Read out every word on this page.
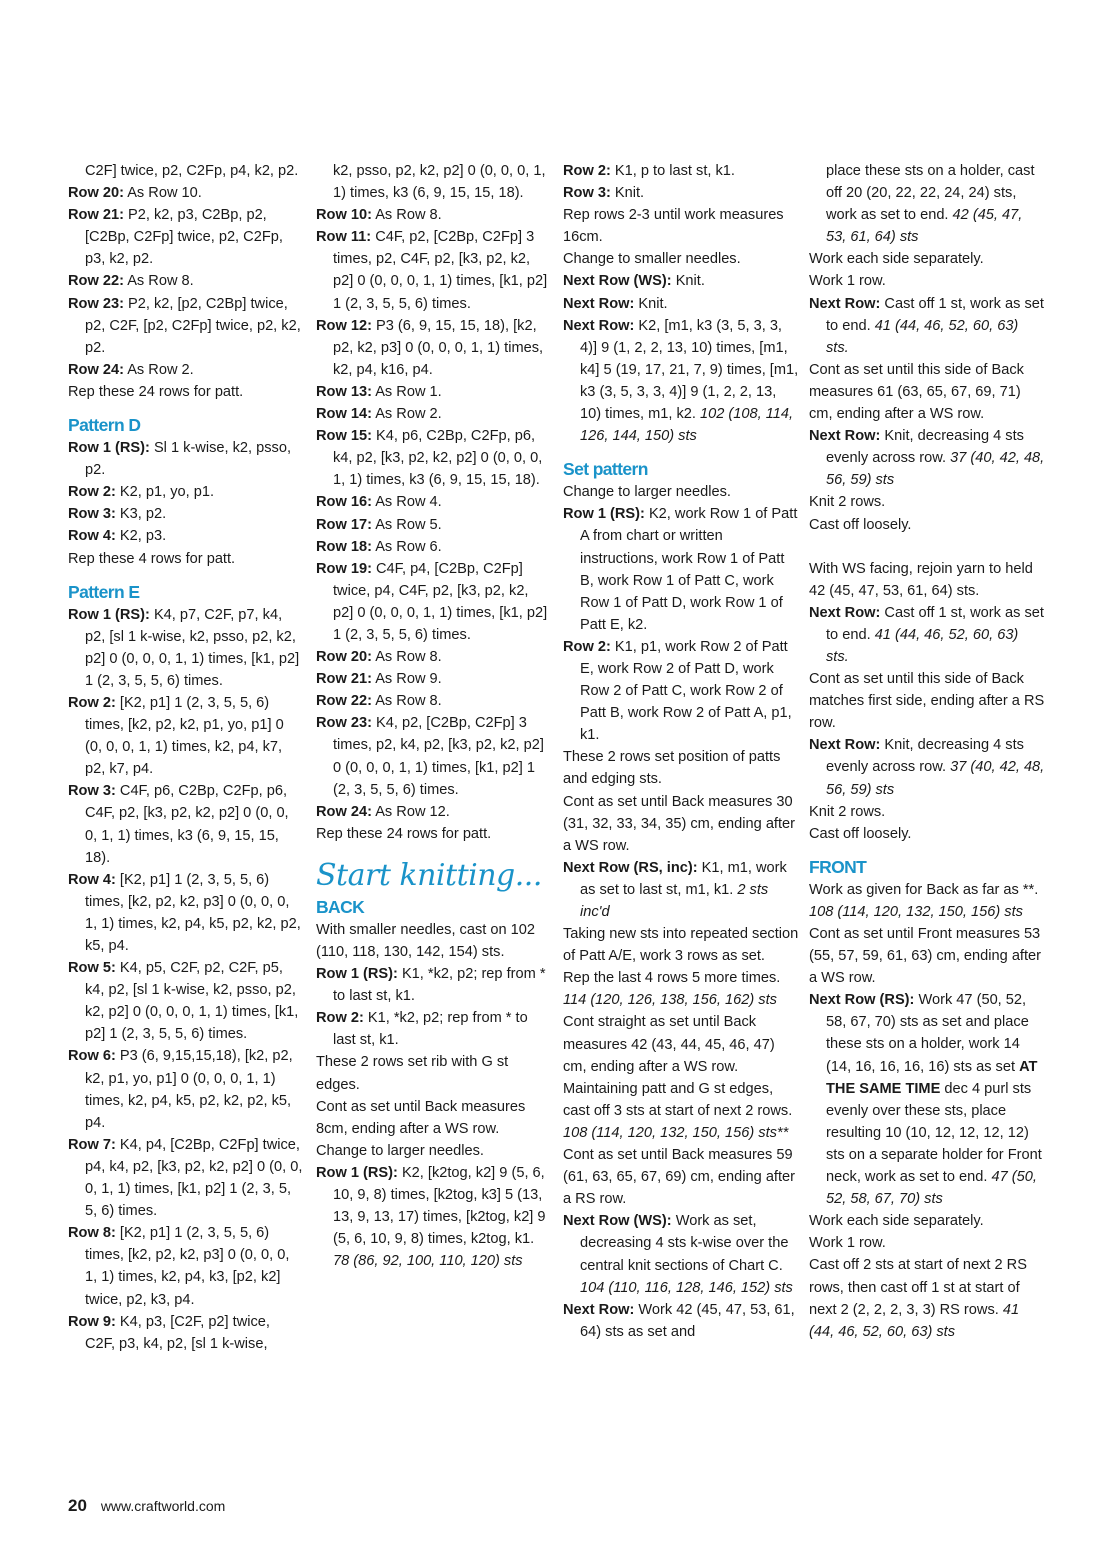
C2F] twice, p2, C2Fp, p4, k2, p2.

Row 20: As Row 10.

Row 21: P2, k2, p3, C2Bp, p2, [C2Bp, C2Fp] twice, p2, C2Fp, p3, k2, p2.

Row 22: As Row 8.

Row 23: P2, k2, [p2, C2Bp] twice, p2, C2F, [p2, C2Fp] twice, p2, k2, p2.

Row 24: As Row 2.

Rep these 24 rows for patt.

Pattern D

Row 1 (RS): Sl 1 k-wise, k2, psso, p2.

Row 2: K2, p1, yo, p1.

Row 3: K3, p2.

Row 4: K2, p3.

Rep these 4 rows for patt.

Pattern E

Row 1 (RS): K4, p7, C2F, p7, k4, p2, [sl 1 k-wise, k2, psso, p2, k2, p2] 0 (0, 0, 0, 1, 1) times, [k1, p2] 1 (2, 3, 5, 5, 6) times.

Row 2: [K2, p1] 1 (2, 3, 5, 5, 6) times, [k2, p2, k2, p1, yo, p1] 0 (0, 0, 0, 1, 1) times, k2, p4, k7, p2, k7, p4.

Row 3: C4F, p6, C2Bp, C2Fp, p6, C4F, p2, [k3, p2, k2, p2] 0 (0, 0, 0, 1, 1) times, k3 (6, 9, 15, 15, 18).

Row 4: [K2, p1] 1 (2, 3, 5, 5, 6) times, [k2, p2, k2, p3] 0 (0, 0, 0, 1, 1) times, k2, p4, k5, p2, k2, p2, k5, p4.

Row 5: K4, p5, C2F, p2, C2F, p5, k4, p2, [sl 1 k-wise, k2, psso, p2, k2, p2] 0 (0, 0, 0, 1, 1) times, [k1, p2] 1 (2, 3, 5, 5, 6) times.

Row 6: P3 (6, 9,15,15,18), [k2, p2, k2, p1, yo, p1] 0 (0, 0, 0, 1, 1) times, k2, p4, k5, p2, k2, p2, k5, p4.

Row 7: K4, p4, [C2Bp, C2Fp] twice, p4, k4, p2, [k3, p2, k2, p2] 0 (0, 0, 0, 1, 1) times, [k1, p2] 1 (2, 3, 5, 5, 6) times.

Row 8: [K2, p1] 1 (2, 3, 5, 5, 6) times, [k2, p2, k2, p3] 0 (0, 0, 0, 1, 1) times, k2, p4, k3, [p2, k2] twice, p2, k3, p4.

Row 9: K4, p3, [C2F, p2] twice, C2F, p3, k4, p2, [sl 1 k-wise,

k2, psso, p2, k2, p2] 0 (0, 0, 0, 1, 1) times, k3 (6, 9, 15, 15, 18).

Row 10: As Row 8.

Row 11: C4F, p2, [C2Bp, C2Fp] 3 times, p2, C4F, p2, [k3, p2, k2, p2] 0 (0, 0, 0, 1, 1) times, [k1, p2] 1 (2, 3, 5, 5, 6) times.

Row 12: P3 (6, 9, 15, 15, 18), [k2, p2, k2, p3] 0 (0, 0, 0, 1, 1) times, k2, p4, k16, p4.

Row 13: As Row 1.

Row 14: As Row 2.

Row 15: K4, p6, C2Bp, C2Fp, p6, k4, p2, [k3, p2, k2, p2] 0 (0, 0, 0, 1, 1) times, k3 (6, 9, 15, 15, 18).

Row 16: As Row 4.

Row 17: As Row 5.

Row 18: As Row 6.

Row 19: C4F, p4, [C2Bp, C2Fp] twice, p4, C4F, p2, [k3, p2, k2, p2] 0 (0, 0, 0, 1, 1) times, [k1, p2] 1 (2, 3, 5, 5, 6) times.

Row 20: As Row 8.

Row 21: As Row 9.

Row 22: As Row 8.

Row 23: K4, p2, [C2Bp, C2Fp] 3 times, p2, k4, p2, [k3, p2, k2, p2] 0 (0, 0, 0, 1, 1) times, [k1, p2] 1 (2, 3, 5, 5, 6) times.

Row 24: As Row 12.

Rep these 24 rows for patt.

Start knitting...
BACK

With smaller needles, cast on 102 (110, 118, 130, 142, 154) sts.

Row 1 (RS): K1, *k2, p2; rep from * to last st, k1.

Row 2: K1, *k2, p2; rep from * to last st, k1.

These 2 rows set rib with G st edges.

Cont as set until Back measures 8cm, ending after a WS row.

Change to larger needles.

Row 1 (RS): K2, [k2tog, k2] 9 (5, 6, 10, 9, 8) times, [k2tog, k3] 5 (13, 13, 9, 13, 17) times, [k2tog, k2] 9 (5, 6, 10, 9, 8) times, k2tog, k1. 78 (86, 92, 100, 110, 120) sts

Row 2: K1, p to last st, k1.

Row 3: Knit.

Rep rows 2-3 until work measures 16cm.

Change to smaller needles.

Next Row (WS): Knit.

Next Row: Knit.

Next Row: K2, [m1, k3 (3, 5, 3, 3, 4)] 9 (1, 2, 2, 13, 10) times, [m1, k4] 5 (19, 17, 21, 7, 9) times, [m1, k3 (3, 5, 3, 3, 4)] 9 (1, 2, 2, 13, 10) times, m1, k2. 102 (108, 114, 126, 144, 150) sts

Set pattern

Change to larger needles.

Row 1 (RS): K2, work Row 1 of Patt A from chart or written instructions, work Row 1 of Patt B, work Row 1 of Patt C, work Row 1 of Patt D, work Row 1 of Patt E, k2.

Row 2: K1, p1, work Row 2 of Patt E, work Row 2 of Patt D, work Row 2 of Patt C, work Row 2 of Patt B, work Row 2 of Patt A, p1, k1.

These 2 rows set position of patts and edging sts.

Cont as set until Back measures 30 (31, 32, 33, 34, 35) cm, ending after a WS row.

Next Row (RS, inc): K1, m1, work as set to last st, m1, k1. 2 sts inc'd

Taking new sts into repeated section of Patt A/E, work 3 rows as set.

Rep the last 4 rows 5 more times. 114 (120, 126, 138, 156, 162) sts

Cont straight as set until Back measures 42 (43, 44, 45, 46, 47) cm, ending after a WS row.

Maintaining patt and G st edges, cast off 3 sts at start of next 2 rows. 108 (114, 120, 132, 150, 156) sts**

Cont as set until Back measures 59 (61, 63, 65, 67, 69) cm, ending after a RS row.

Next Row (WS): Work as set, decreasing 4 sts k-wise over the central knit sections of Chart C. 104 (110, 116, 128, 146, 152) sts

Next Row: Work 42 (45, 47, 53, 61, 64) sts as set and

place these sts on a holder, cast off 20 (20, 22, 22, 24, 24) sts, work as set to end. 42 (45, 47, 53, 61, 64) sts

Work each side separately.

Work 1 row.

Next Row: Cast off 1 st, work as set to end. 41 (44, 46, 52, 60, 63) sts.

Cont as set until this side of Back measures 61 (63, 65, 67, 69, 71) cm, ending after a WS row.

Next Row: Knit, decreasing 4 sts evenly across row. 37 (40, 42, 48, 56, 59) sts

Knit 2 rows.

Cast off loosely.

With WS facing, rejoin yarn to held 42 (45, 47, 53, 61, 64) sts.

Next Row: Cast off 1 st, work as set to end. 41 (44, 46, 52, 60, 63) sts.

Cont as set until this side of Back matches first side, ending after a RS row.

Next Row: Knit, decreasing 4 sts evenly across row. 37 (40, 42, 48, 56, 59) sts

Knit 2 rows.

Cast off loosely.

FRONT

Work as given for Back as far as **. 108 (114, 120, 132, 150, 156) sts

Cont as set until Front measures 53 (55, 57, 59, 61, 63) cm, ending after a WS row.

Next Row (RS): Work 47 (50, 52, 58, 67, 70) sts as set and place these sts on a holder, work 14 (14, 16, 16, 16, 16) sts as set AT THE SAME TIME dec 4 purl sts evenly over these sts, place resulting 10 (10, 12, 12, 12, 12) sts on a separate holder for Front neck, work as set to end. 47 (50, 52, 58, 67, 70) sts

Work each side separately.

Work 1 row.

Cast off 2 sts at start of next 2 RS rows, then cast off 1 st at start of next 2 (2, 2, 2, 3, 3) RS rows. 41 (44, 46, 52, 60, 63) sts

20 www.craftworld.com
